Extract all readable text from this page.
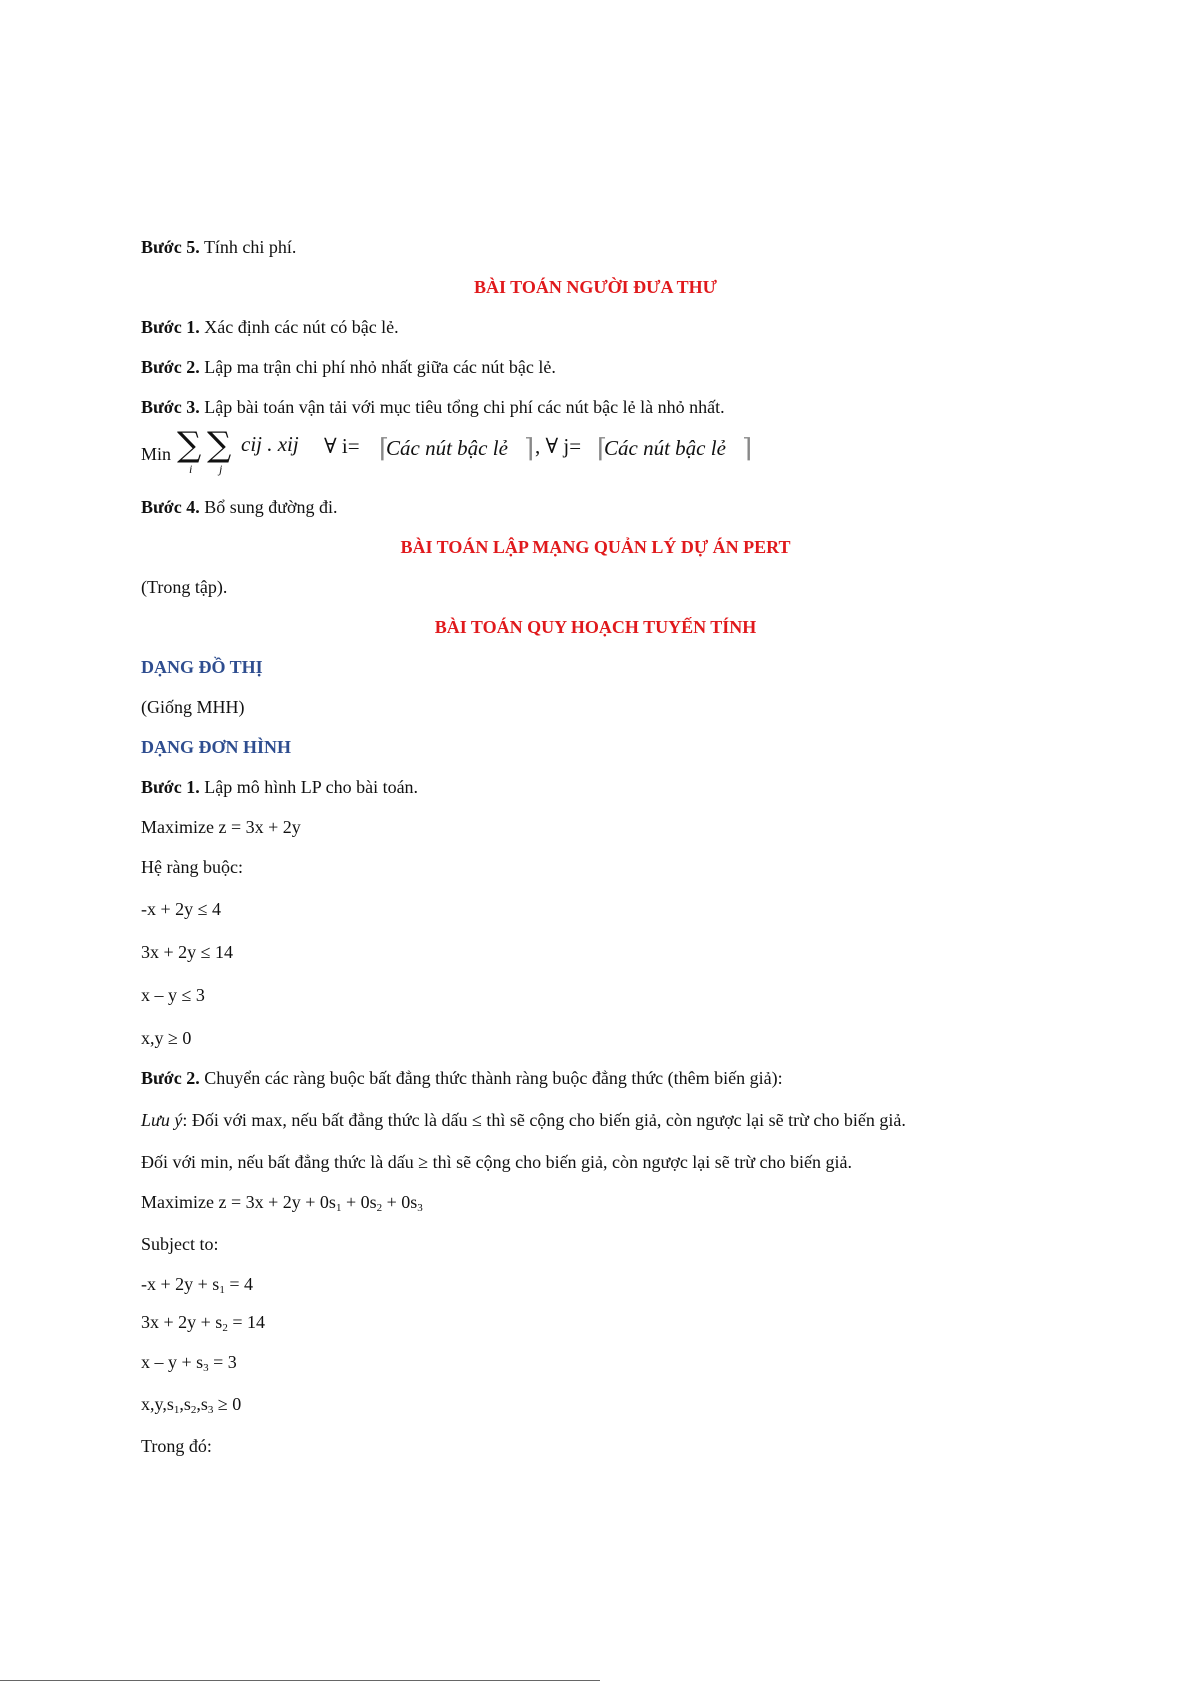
Bước 5. Tính chi phí.
BÀI TOÁN NGƯỜI ĐƯA THƯ
Bước 1. Xác định các nút có bậc lẻ.
Bước 2. Lập ma trận chi phí nhỏ nhất giữa các nút bậc lẻ.
Bước 3. Lập bài toán vận tải với mục tiêu tổng chi phí các nút bậc lẻ là nhỏ nhất.
Min ∑
i
∑
j
cij . xij ∀ i= ⌈
Các nút bậc lẻ ⌉ , ∀ j= ⌈
Các nút bậc lẻ ⌉
Bước 4. Bổ sung đường đi.
BÀI TOÁN LẬP MẠNG QUẢN LÝ DỰ ÁN PERT
(Trong tập).
BÀI TOÁN QUY HOẠCH TUYẾN TÍNH
DẠNG ĐỒ THỊ
(Giống MHH)
DẠNG ĐƠN HÌNH
Bước 1. Lập mô hình LP cho bài toán.
Maximize z = 3x + 2y
Hệ ràng buộc:
-x + 2y ≤ 4
3x + 2y ≤ 14
x – y ≤ 3
x,y ≥ 0
Bước 2. Chuyển các ràng buộc bất đẳng thức thành ràng buộc đẳng thức (thêm biến giả):
Lưu ý: Đối với max, nếu bất đẳng thức là dấu ≤ thì sẽ cộng cho biến giả, còn ngược lại sẽ trừ cho biến giả.
Đối với min, nếu bất đẳng thức là dấu ≥ thì sẽ cộng cho biến giả, còn ngược lại sẽ trừ cho biến giả.
Maximize $z = 3x + 2y + 0s_1 + 0s_2 + 0s_3$
Subject to:
$-x + 2y + s_1 = 4$
$3x + 2y + s_2 = 14$
$x - y + s_3 = 3$
$x,y,s_1,s_2,s_3 \ge 0$
Trong đó:
